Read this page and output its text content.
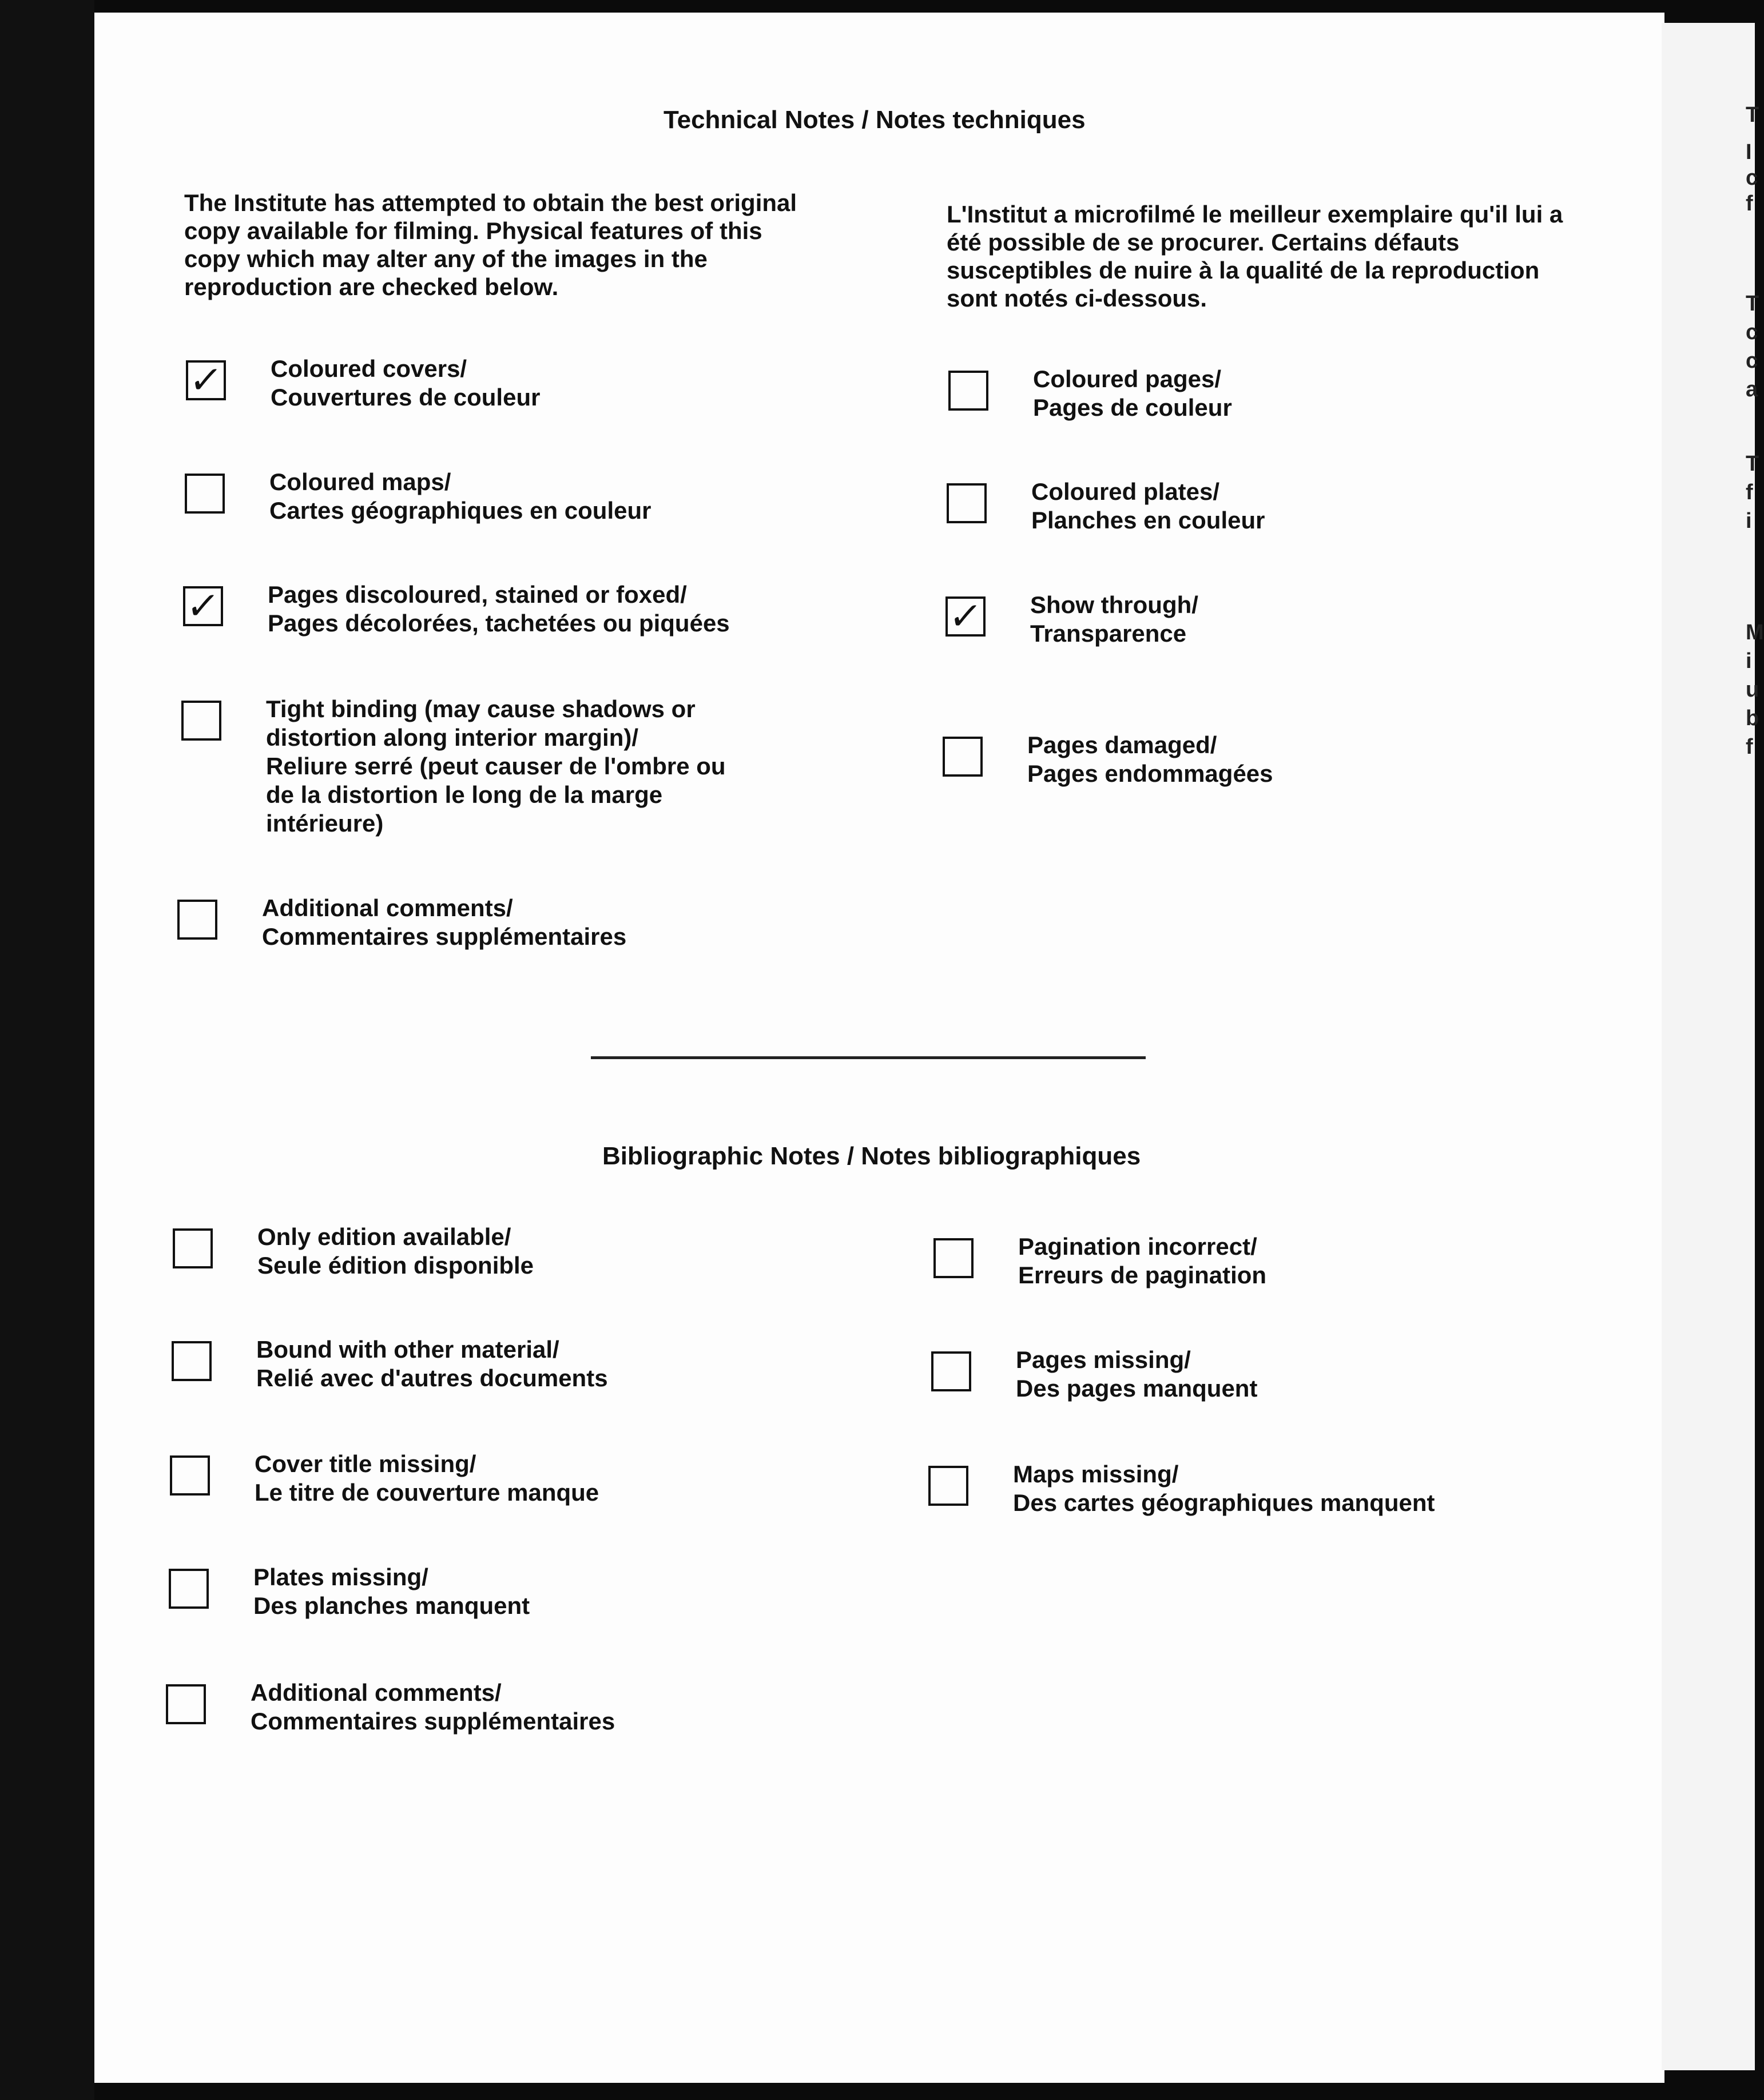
T
I
c
f
T
c
c
a
T
f
i
M
i
u
b
f
Technical Notes / Notes techniques

The Institute has attempted to obtain the best original copy available for filming. Physical features of this copy which may alter any of the images in the reproduction are checked below.

L'Institut a microfilmé le meilleur exemplaire qu'il lui a été possible de se procurer. Certains défauts susceptibles de nuire à la qualité de la reproduction sont notés ci-dessous.

✓ Coloured covers/
Couvertures de couleur
Coloured maps/
Cartes géographiques en couleur
✓ Pages discoloured, stained or foxed/
Pages décolorées, tachetées ou piquées
Tight binding (may cause shadows or
distortion along interior margin)/
Reliure serré (peut causer de l'ombre ou
de la distortion le long de la marge
intérieure)
Additional comments/
Commentaires supplémentaires
Coloured pages/
Pages de couleur
Coloured plates/
Planches en couleur
✓ Show through/
Transparence
Pages damaged/
Pages endommagées
Bibliographic Notes / Notes bibliographiques
Only edition available/
Seule édition disponible
Bound with other material/
Relié avec d'autres documents
Cover title missing/
Le titre de couverture manque
Plates missing/
Des planches manquent
Additional comments/
Commentaires supplémentaires
Pagination incorrect/
Erreurs de pagination
Pages missing/
Des pages manquent
Maps missing/
Des cartes géographiques manquent
